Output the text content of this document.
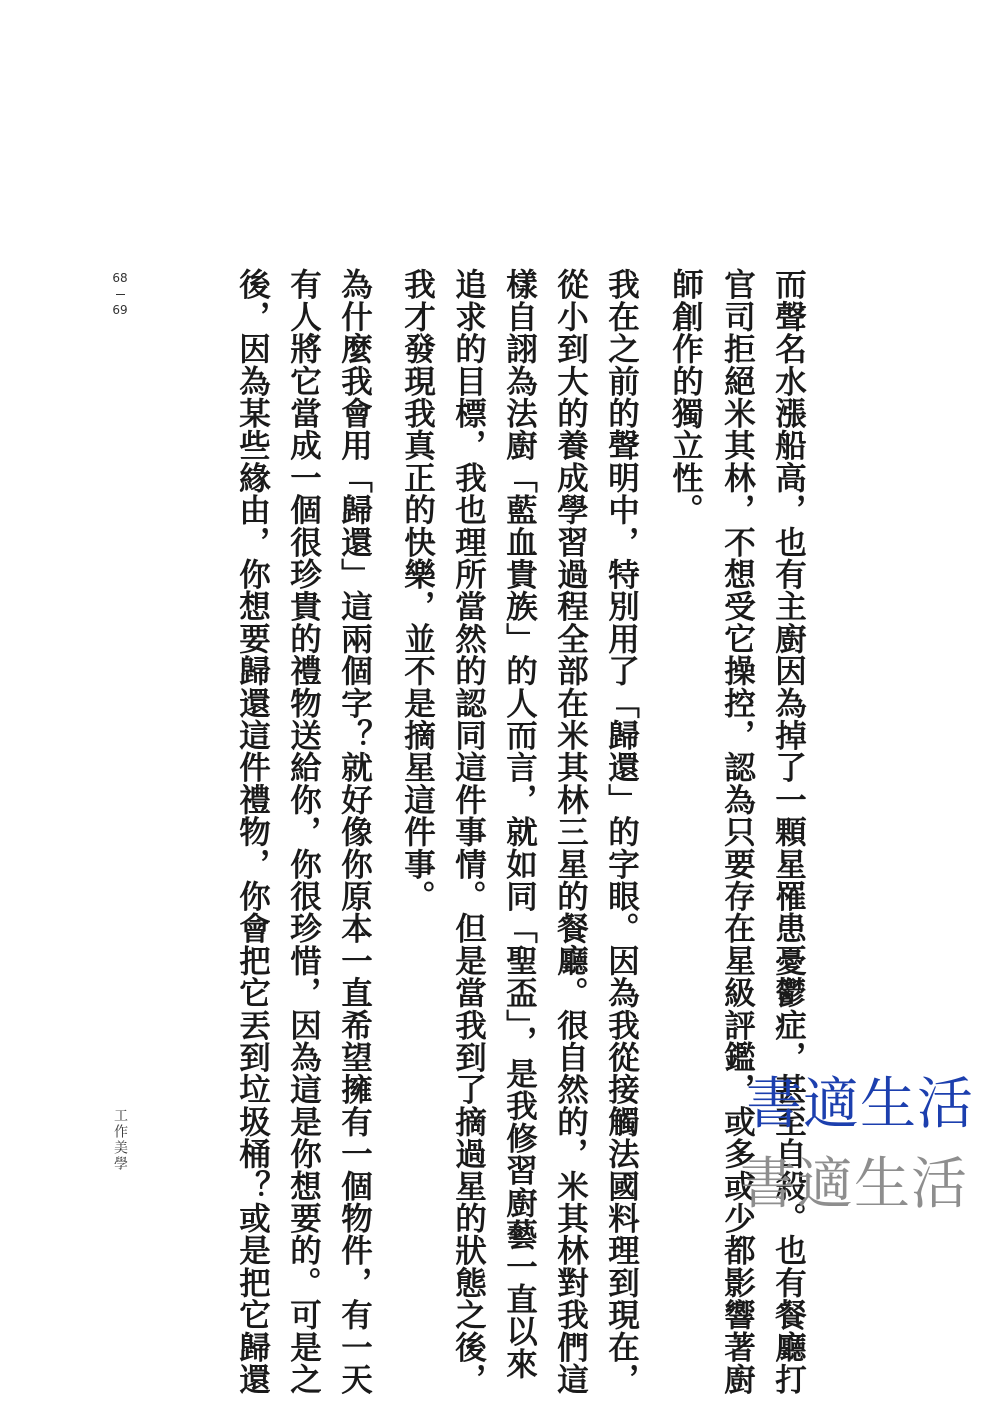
68
69
工作美學	而聲名水漲船高，也有主廚因為掉了一顆星罹患憂鬱症，甚至自殺。也有餐廳打
官司拒絕米其林，不想受它操控，認為只要存在星級評鑑，或多或少都影響著廚
師創作的獨立性。
我在之前的聲明中，特別用了「歸還」的字眼。因為我從接觸法國料理到現在，
從小到大的養成學習過程全部在米其林三星的餐廳。很自然的，米其林對我們這
樣自詡為法廚「藍血貴族」的人而言，就如同「聖盃」，是我修習廚藝一直以來
追求的目標，我也理所當然的認同這件事情。但是當我到了摘過星的狀態之後，
我才發現我真正的快樂，並不是摘星這件事。
為什麼我會用「歸還」這兩個字？就好像你原本一直希望擁有一個物件，有一天
有人將它當成一個很珍貴的禮物送給你，你很珍惜，因為這是你想要的。可是之
後，因為某些緣由，你想要歸還這件禮物，你會把它丟到垃圾桶？或是把它歸還	書適生活
書適生活
